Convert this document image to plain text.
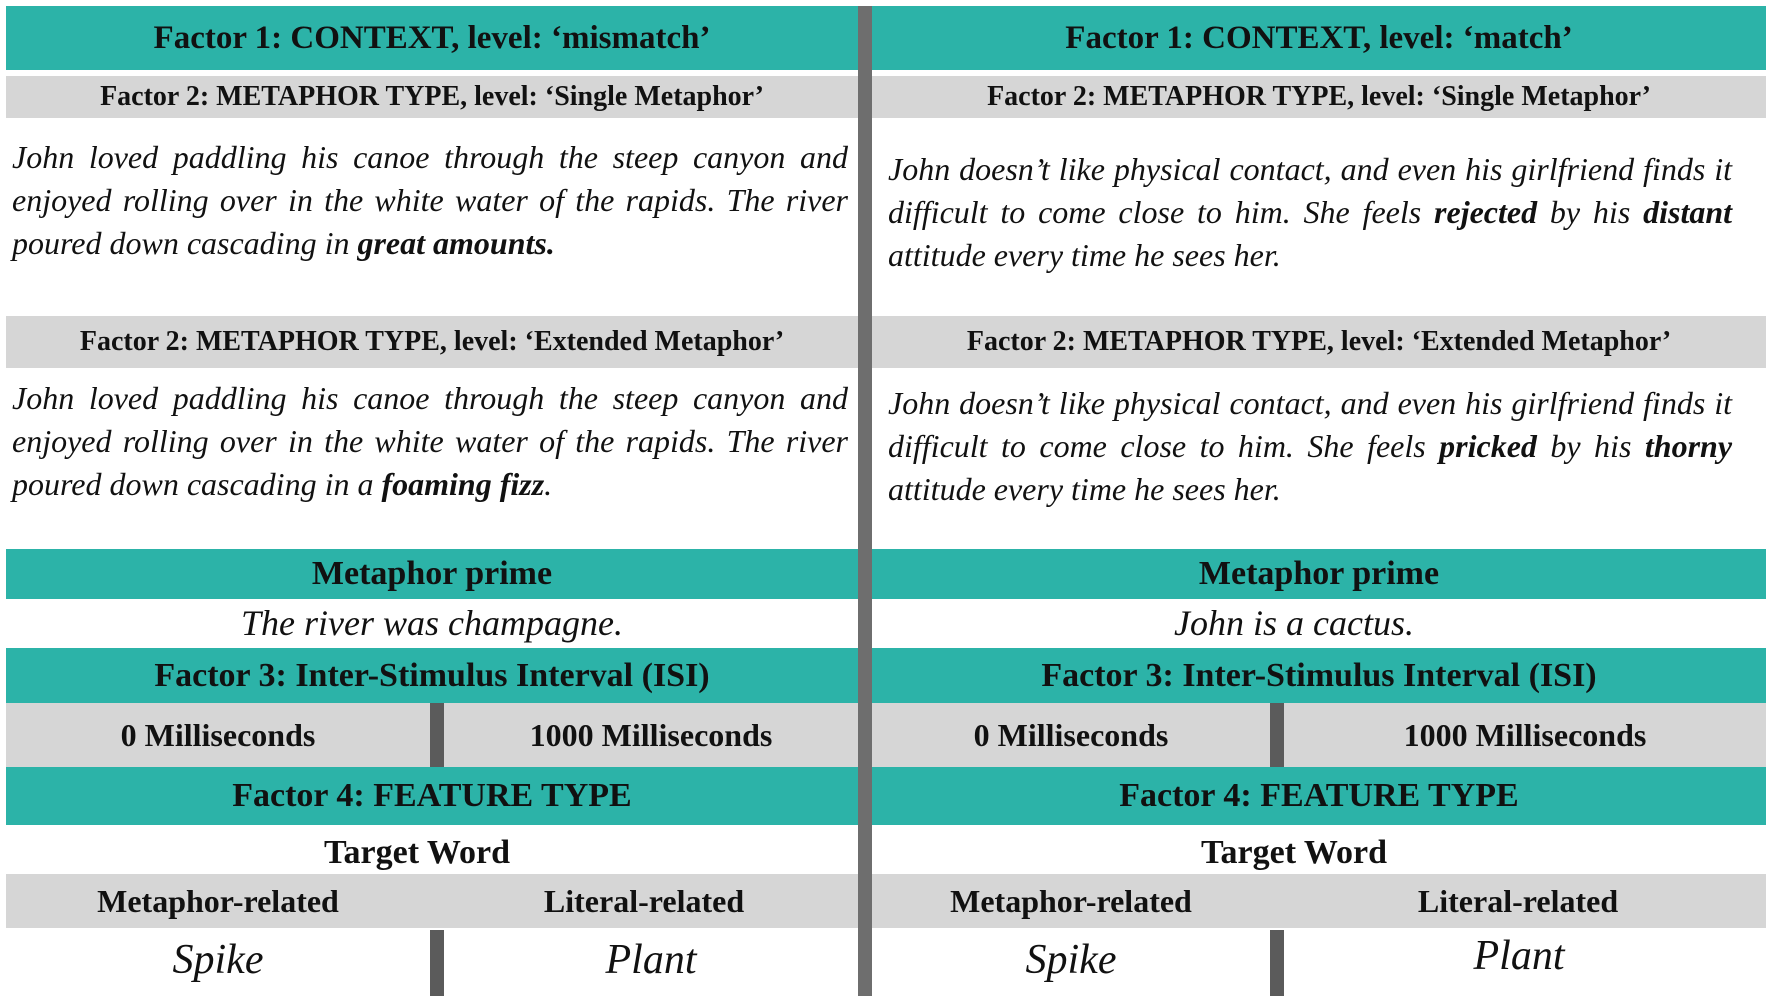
Factor 1: CONTEXT, level: ‘mismatch’
Factor 2: METAPHOR TYPE, level: ‘Single Metaphor’
John loved paddling his canoe through the steep canyon and enjoyed rolling over in the white water of the rapids. The river poured down cascading in great amounts.
Factor 2: METAPHOR TYPE, level: ‘Extended Metaphor’
John loved paddling his canoe through the steep canyon and enjoyed rolling over in the white water of the rapids. The river poured down cascading in a foaming fizz.
Metaphor prime
The river was champagne.
Factor 3: Inter-Stimulus Interval (ISI)
0 Milliseconds	1000 Milliseconds
Factor 4: FEATURE TYPE
Target Word
Metaphor-related	Literal-related
Spike	Plant
Factor 1: CONTEXT, level: ‘match’
Factor 2: METAPHOR TYPE, level: ‘Single Metaphor’
John doesn’t like physical contact, and even his girlfriend finds it difficult to come close to him. She feels rejected by his distant attitude every time he sees her.
Factor 2: METAPHOR TYPE, level: ‘Extended Metaphor’
John doesn’t like physical contact, and even his girlfriend finds it difficult to come close to him. She feels pricked by his thorny attitude every time he sees her.
Metaphor prime
John is a cactus.
Factor 3: Inter-Stimulus Interval (ISI)
0 Milliseconds	1000 Milliseconds
Factor 4: FEATURE TYPE
Target Word
Metaphor-related	Literal-related
Spike	Plant
